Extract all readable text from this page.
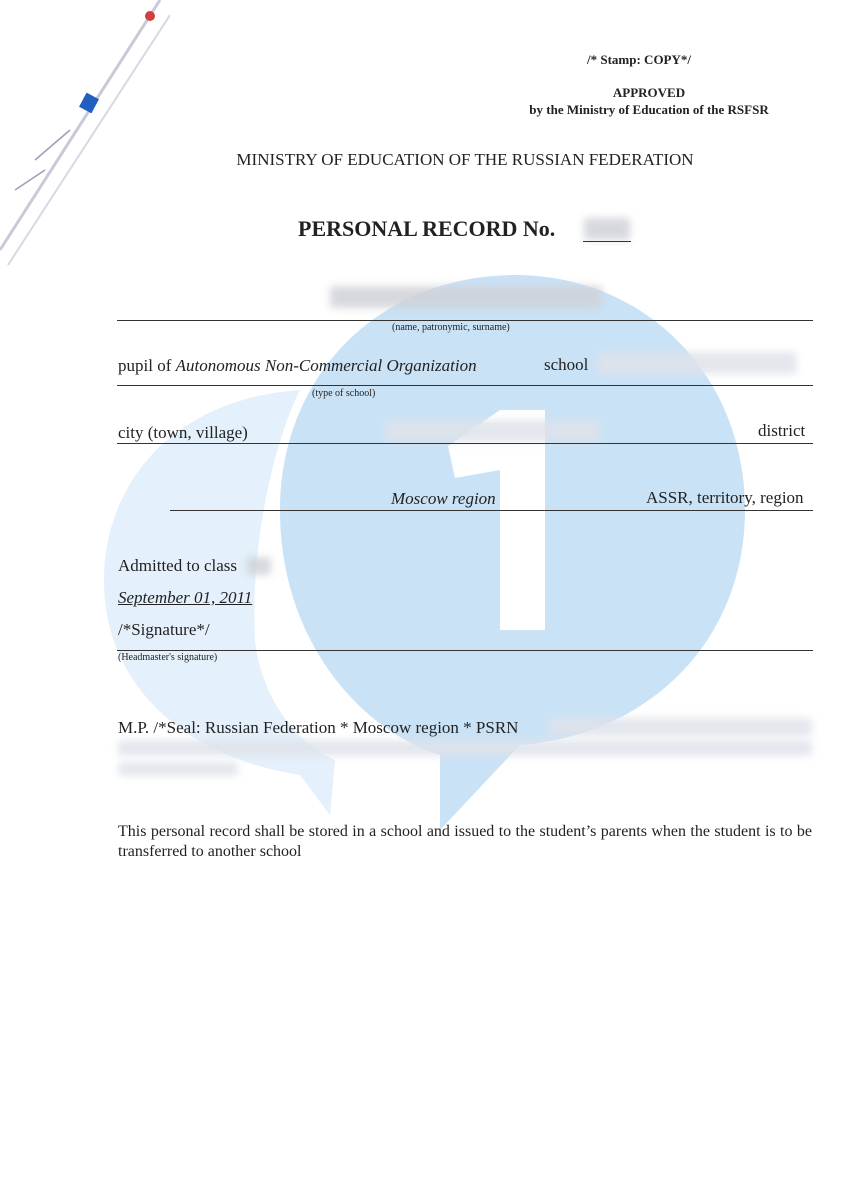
/* Stamp: COPY*/
APPROVED
by the Ministry of Education of the RSFSR
MINISTRY OF EDUCATION OF THE RUSSIAN FEDERATION
PERSONAL RECORD No.
(name, patronymic, surname)
pupil of Autonomous Non-Commercial Organization	school
(type of school)
city (town, village)	district
Moscow region	ASSR, territory, region
Admitted to class
September 01, 2011
/*Signature*/
(Headmaster's signature)
M.P. /*Seal: Russian Federation * Moscow region * PSRN
This personal record shall be stored in a school and issued to the student’s parents when the student is to be transferred to another school
